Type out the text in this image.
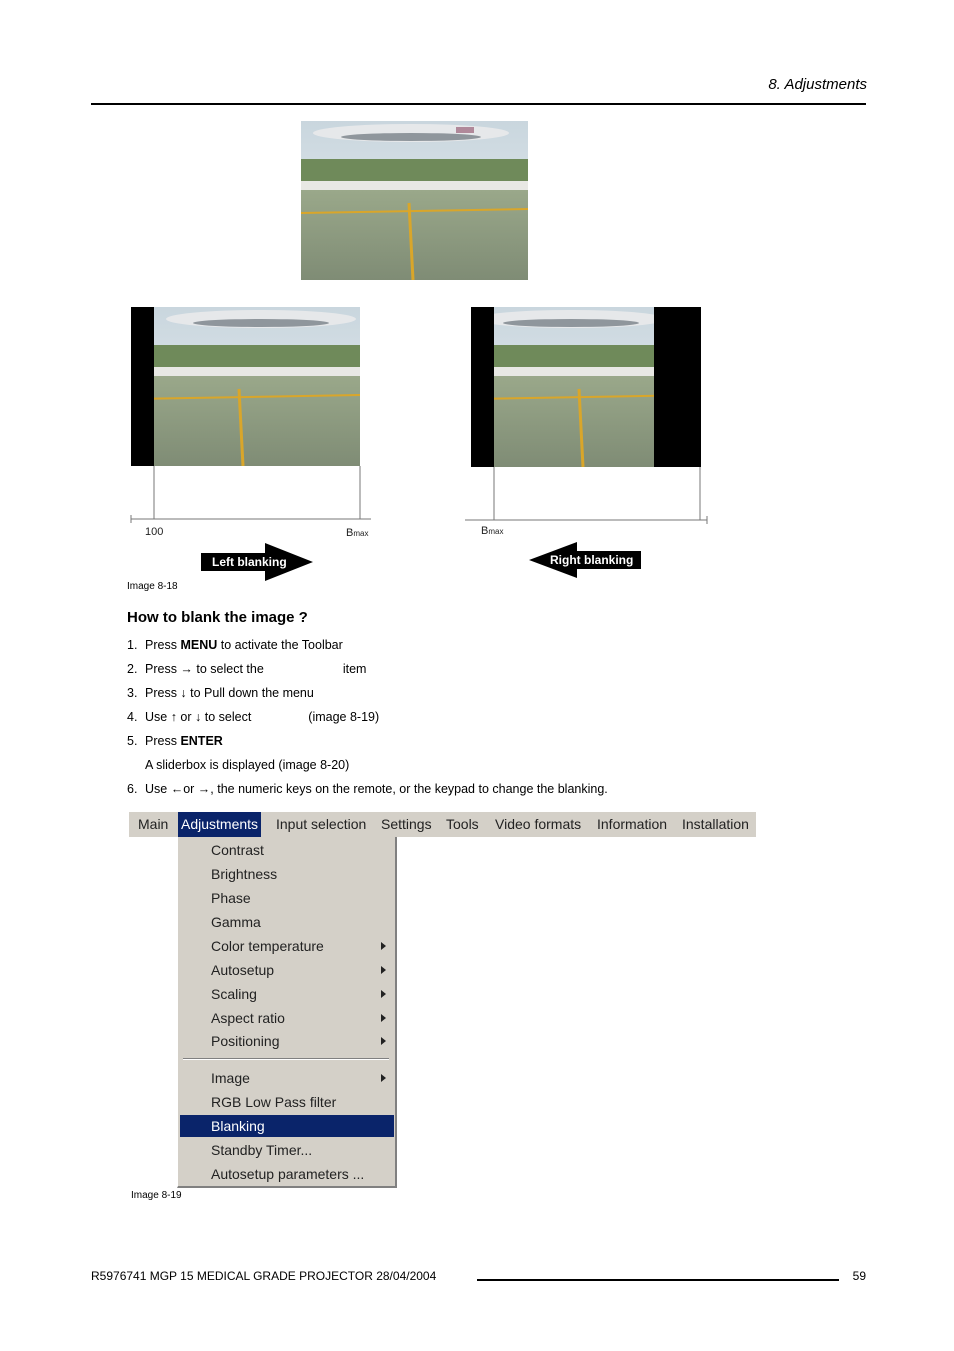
8. Adjustments
100	Bmax	Bmax
Left blanking	Right blanking
Image 8-18
How to blank the image ?
1. Press MENU to activate the Toolbar
2. Press → to select the	item
3. Press ↓ to Pull down the menu
4. Use ↑ or ↓ to select	(image 8-19)
5. Press ENTER
A sliderbox is displayed (image 8-20)
6. Use ←or →, the numeric keys on the remote, or the keypad to change the blanking.
Main Adjustments Input selection Settings Tools Video formats Information Installation
Contrast
Brightness
Phase
Gamma
Color temperature
Autosetup
Scaling
Aspect ratio
Positioning
Image
RGB Low Pass filter
Blanking
Standby Timer...
Autosetup parameters ...
Image 8-19
R5976741 MGP 15 MEDICAL GRADE PROJECTOR 28/04/2004	59
